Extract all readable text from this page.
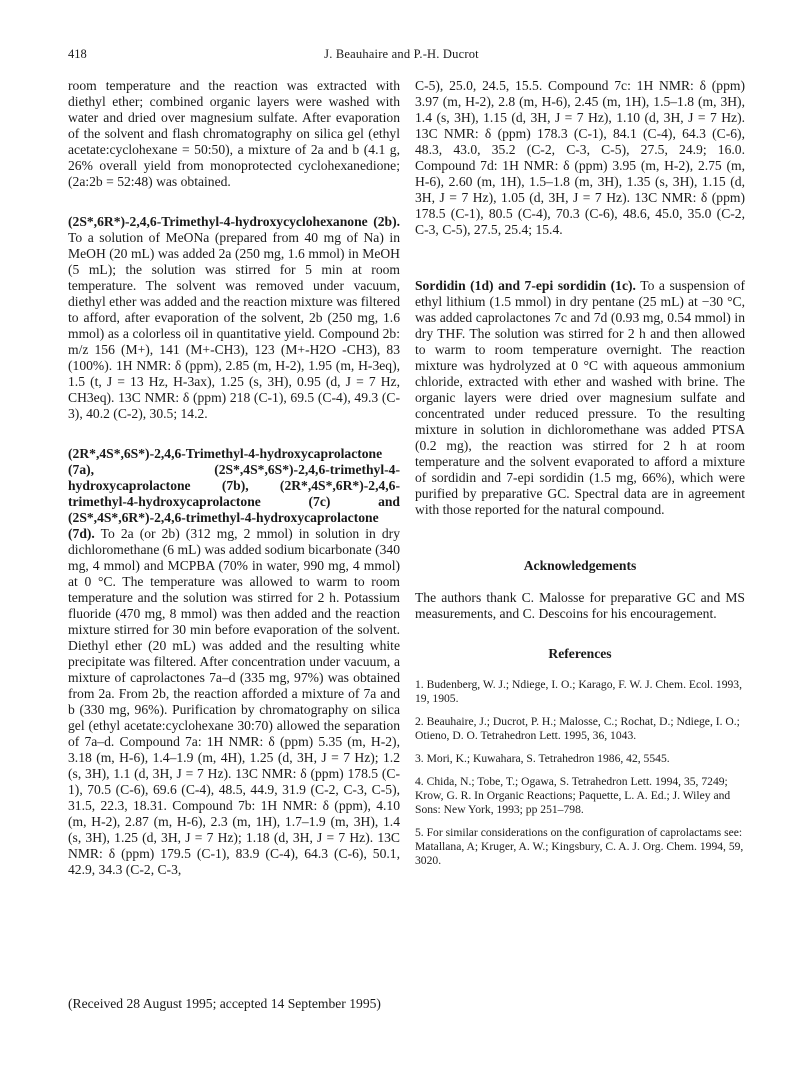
418	J. Beauhaire and P.-H. Ducrot

room temperature and the reaction was extracted with diethyl ether; combined organic layers were washed with water and dried over magnesium sulfate. After evaporation of the solvent and flash chromatography on silica gel (ethyl acetate:cyclohexane = 50:50), a mixture of 2a and b (4.1 g, 26% overall yield from monoprotected cyclohexanedione; (2a:2b = 52:48) was obtained.

(2S*,6R*)-2,4,6-Trimethyl-4-hydroxycyclohexanone (2b). To a solution of MeONa (prepared from 40 mg of Na) in MeOH (20 mL) was added 2a (250 mg, 1.6 mmol) in MeOH (5 mL); the solution was stirred for 5 min at room temperature. The solvent was removed under vacuum, diethyl ether was added and the reaction mixture was filtered to afford, after evaporation of the solvent, 2b (250 mg, 1.6 mmol) as a colorless oil in quantitative yield. Compound 2b: m/z 156 (M+), 141 (M+-CH3), 123 (M+-H2O -CH3), 83 (100%). 1H NMR: δ (ppm), 2.85 (m, H-2), 1.95 (m, H-3eq), 1.5 (t, J = 13 Hz, H-3ax), 1.25 (s, 3H), 0.95 (d, J = 7 Hz, CH3eq). 13C NMR: δ (ppm) 218 (C-1), 69.5 (C-4), 49.3 (C-3), 40.2 (C-2), 30.5; 14.2.

(2R*,4S*,6S*)-2,4,6-Trimethyl-4-hydroxycaprolactone (7a), (2S*,4S*,6S*)-2,4,6-trimethyl-4-hydroxycaprolactone (7b), (2R*,4S*,6R*)-2,4,6-trimethyl-4-hydroxycaprolactone (7c) and (2S*,4S*,6R*)-2,4,6-trimethyl-4-hydroxycaprolactone (7d). To 2a (or 2b) (312 mg, 2 mmol) in solution in dry dichloromethane (6 mL) was added sodium bicarbonate (340 mg, 4 mmol) and MCPBA (70% in water, 990 mg, 4 mmol) at 0 °C. The temperature was allowed to warm to room temperature and the solution was stirred for 2 h. Potassium fluoride (470 mg, 8 mmol) was then added and the reaction mixture stirred for 30 min before evaporation of the solvent. Diethyl ether (20 mL) was added and the resulting white precipitate was filtered. After concentration under vacuum, a mixture of caprolactones 7a–d (335 mg, 97%) was obtained from 2a. From 2b, the reaction afforded a mixture of 7a and b (330 mg, 96%). Purification by chromatography on silica gel (ethyl acetate:cyclohexane 30:70) allowed the separation of 7a–d. Compound 7a: 1H NMR: δ (ppm) 5.35 (m, H-2), 3.18 (m, H-6), 1.4–1.9 (m, 4H), 1.25 (d, 3H, J = 7 Hz); 1.2 (s, 3H), 1.1 (d, 3H, J = 7 Hz). 13C NMR: δ (ppm) 178.5 (C-1), 70.5 (C-6), 69.6 (C-4), 48.5, 44.9, 31.9 (C-2, C-3, C-5), 31.5, 22.3, 18.31. Compound 7b: 1H NMR: δ (ppm), 4.10 (m, H-2), 2.87 (m, H-6), 2.3 (m, 1H), 1.7–1.9 (m, 3H), 1.4 (s, 3H), 1.25 (d, 3H, J = 7 Hz); 1.18 (d, 3H, J = 7 Hz). 13C NMR: δ (ppm) 179.5 (C-1), 83.9 (C-4), 64.3 (C-6), 50.1, 42.9, 34.3 (C-2, C-3,

C-5), 25.0, 24.5, 15.5. Compound 7c: 1H NMR: δ (ppm) 3.97 (m, H-2), 2.8 (m, H-6), 2.45 (m, 1H), 1.5–1.8 (m, 3H), 1.4 (s, 3H), 1.15 (d, 3H, J = 7 Hz), 1.10 (d, 3H, J = 7 Hz). 13C NMR: δ (ppm) 178.3 (C-1), 84.1 (C-4), 64.3 (C-6), 48.3, 43.0, 35.2 (C-2, C-3, C-5), 27.5, 24.9; 16.0. Compound 7d: 1H NMR: δ (ppm) 3.95 (m, H-2), 2.75 (m, H-6), 2.60 (m, 1H), 1.5–1.8 (m, 3H), 1.35 (s, 3H), 1.15 (d, 3H, J = 7 Hz), 1.05 (d, 3H, J = 7 Hz). 13C NMR: δ (ppm) 178.5 (C-1), 80.5 (C-4), 70.3 (C-6), 48.6, 45.0, 35.0 (C-2, C-3, C-5), 27.5, 25.4; 15.4.

Sordidin (1d) and 7-epi sordidin (1c). To a suspension of ethyl lithium (1.5 mmol) in dry pentane (25 mL) at −30 °C, was added caprolactones 7c and 7d (0.93 mg, 0.54 mmol) in dry THF. The solution was stirred for 2 h and then allowed to warm to room temperature overnight. The reaction mixture was hydrolyzed at 0 °C with aqueous ammonium chloride, extracted with ether and washed with brine. The organic layers were dried over magnesium sulfate and concentrated under reduced pressure. To the resulting mixture in solution in dichloromethane was added PTSA (0.2 mg), the reaction was stirred for 2 h at room temperature and the solvent evaporated to afford a mixture of sordidin and 7-epi sordidin (1.5 mg, 66%), which were purified by preparative GC. Spectral data are in agreement with those reported for the natural compound.

Acknowledgements

The authors thank C. Malosse for preparative GC and MS measurements, and C. Descoins for his encouragement.

References

1. Budenberg, W. J.; Ndiege, I. O.; Karago, F. W. J. Chem. Ecol. 1993, 19, 1905.
2. Beauhaire, J.; Ducrot, P. H.; Malosse, C.; Rochat, D.; Ndiege, I. O.; Otieno, D. O. Tetrahedron Lett. 1995, 36, 1043.
3. Mori, K.; Kuwahara, S. Tetrahedron 1986, 42, 5545.
4. Chida, N.; Tobe, T.; Ogawa, S. Tetrahedron Lett. 1994, 35, 7249; Krow, G. R. In Organic Reactions; Paquette, L. A. Ed.; J. Wiley and Sons: New York, 1993; pp 251–798.
5. For similar considerations on the configuration of caprolactams see: Matallana, A; Kruger, A. W.; Kingsbury, C. A. J. Org. Chem. 1994, 59, 3020.
(Received 28 August 1995; accepted 14 September 1995)
